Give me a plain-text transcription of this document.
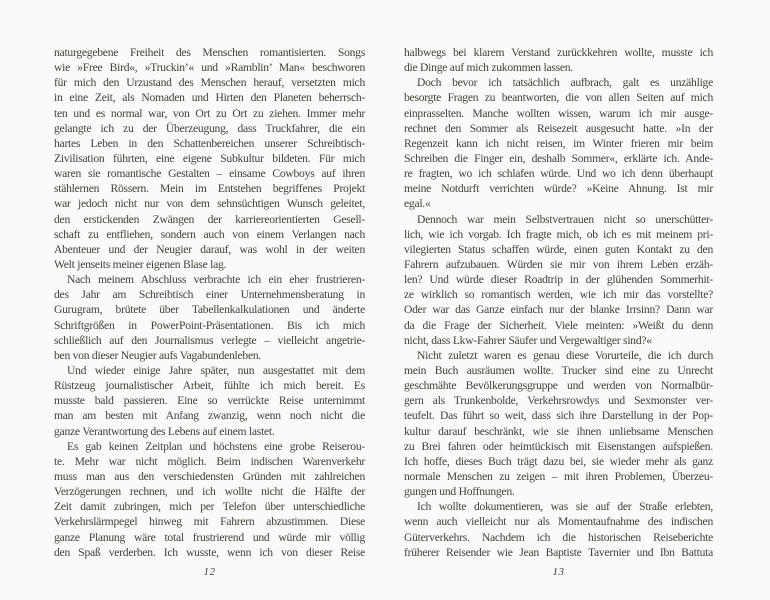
naturgegebene Freiheit des Menschen romantisierten. Songs
wie »Free Bird«, »Truckin’« und »Ramblin’ Man« beschworen
für mich den Urzustand des Menschen herauf, versetzten mich
in eine Zeit, als Nomaden und Hirten den Planeten beherrsch-
ten und es normal war, von Ort zu Ort zu ziehen. Immer mehr
gelangte ich zu der Überzeugung, dass Truckfahrer, die ein
hartes Leben in den Schattenbereichen unserer Schreibtisch-
Zivilisation führten, eine eigene Subkultur bildeten. Für mich
waren sie romantische Gestalten – einsame Cowboys auf ihren
stählernen Rössern. Mein im Entstehen begriffenes Projekt
war jedoch nicht nur von dem sehnsüchtigen Wunsch geleitet,
den erstickenden Zwängen der karriereorientierten Gesell-
schaft zu entfliehen, sondern auch von einem Verlangen nach
Abenteuer und der Neugier darauf, was wohl in der weiten
Welt jenseits meiner eigenen Blase lag.
Nach meinem Abschluss verbrachte ich ein eher frustrieren-
des Jahr am Schreibtisch einer Unternehmensberatung in
Gurugram, brütete über Tabellenkalkulationen und änderte
Schriftgrößen in PowerPoint-Präsentationen. Bis ich mich
schließlich auf den Journalismus verlegte – vielleicht angetrie-
ben von dieser Neugier aufs Vagabundenleben.
Und wieder einige Jahre später, nun ausgestattet mit dem
Rüstzeug journalistischer Arbeit, fühlte ich mich bereit. Es
musste bald passieren. Eine so verrückte Reise unternimmt
man am besten mit Anfang zwanzig, wenn noch nicht die
ganze Verantwortung des Lebens auf einem lastet.
Es gab keinen Zeitplan und höchstens eine grobe Reiserou-
te. Mehr war nicht möglich. Beim indischen Warenverkehr
muss man aus den verschiedensten Gründen mit zahlreichen
Verzögerungen rechnen, und ich wollte nicht die Hälfte der
Zeit damit zubringen, mich per Telefon über unterschiedliche
Verkehrslärmpegel hinweg mit Fahrern abzustimmen. Diese
ganze Planung wäre total frustrierend und würde mir völlig
den Spaß verderben. Ich wusste, wenn ich von dieser Reise
halbwegs bei klarem Verstand zurückkehren wollte, musste ich
die Dinge auf mich zukommen lassen.
Doch bevor ich tatsächlich aufbrach, galt es unzählige
besorgte Fragen zu beantworten, die von allen Seiten auf mich
einprasselten. Manche wollten wissen, warum ich mir ausge-
rechnet den Sommer als Reisezeit ausgesucht hatte. »In der
Regenzeit kann ich nicht reisen, im Winter frieren mir beim
Schreiben die Finger ein, deshalb Sommer«, erklärte ich. Ande-
re fragten, wo ich schlafen würde. Und wo ich denn überhaupt
meine Notdurft verrichten würde? »Keine Ahnung. Ist mir
egal.«
Dennoch war mein Selbstvertrauen nicht so unerschütter-
lich, wie ich vorgab. Ich fragte mich, ob ich es mit meinem pri-
vilegierten Status schaffen würde, einen guten Kontakt zu den
Fahrern aufzubauen. Würden sie mir von ihrem Leben erzäh-
len? Und würde dieser Roadtrip in der glühenden Sommerhit-
ze wirklich so romantisch werden, wie ich mir das vorstellte?
Oder war das Ganze einfach nur der blanke Irrsinn? Dann war
da die Frage der Sicherheit. Viele meinten: »Weißt du denn
nicht, dass Lkw-Fahrer Säufer und Vergewaltiger sind?«
Nicht zuletzt waren es genau diese Vorurteile, die ich durch
mein Buch ausräumen wollte. Trucker sind eine zu Unrecht
geschmähte Bevölkerungsgruppe und werden von Normalbür-
gern als Trunkenbolde, Verkehrsrowdys und Sexmonster ver-
teufelt. Das führt so weit, dass sich ihre Darstellung in der Pop-
kultur darauf beschränkt, wie sie ihnen unliebsame Menschen
zu Brei fahren oder heimtückisch mit Eisenstangen aufspießen.
Ich hoffe, dieses Buch trägt dazu bei, sie wieder mehr als ganz
normale Menschen zu zeigen – mit ihren Problemen, Überzeu-
gungen und Hoffnungen.
Ich wollte dokumentieren, was sie auf der Straße erlebten,
wenn auch vielleicht nur als Momentaufnahme des indischen
Güterverkehrs. Nachdem ich die historischen Reiseberichte
früherer Reisender wie Jean Baptiste Tavernier und Ibn Battuta
12	13
